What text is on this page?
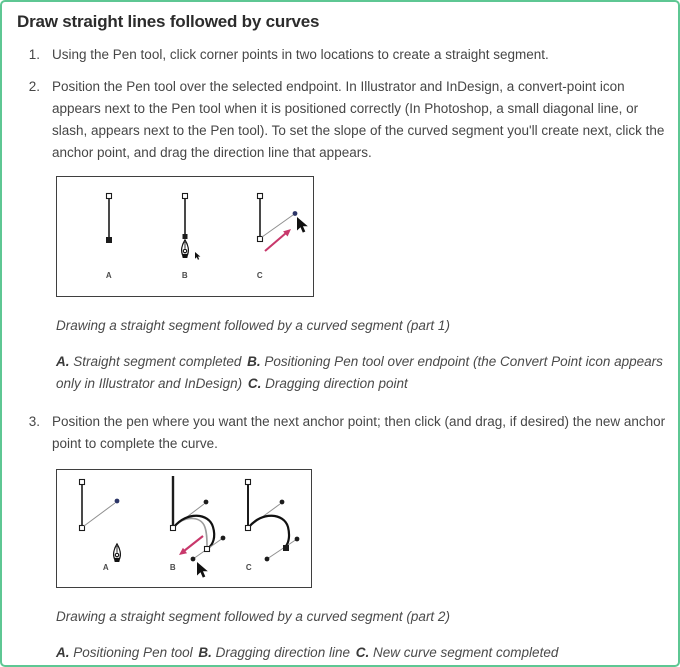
Draw straight lines followed by curves
1. Using the Pen tool, click corner points in two locations to create a straight segment.
2. Position the Pen tool over the selected endpoint. In Illustrator and InDesign, a convert-point icon appears next to the Pen tool when it is positioned correctly (In Photoshop, a small diagonal line, or slash, appears next to the Pen tool). To set the slope of the curved segment you'll create next, click the anchor point, and drag the direction line that appears.
A	B	C

Drawing a straight segment followed by a curved segment (part 1)

A. Straight segment completed B. Positioning Pen tool over endpoint (the Convert Point icon appears only in Illustrator and InDesign) C. Dragging direction point

3. Position the pen where you want the next anchor point; then click (and drag, if desired) the new anchor point to complete the curve.
A	B	C

Drawing a straight segment followed by a curved segment (part 2)

A. Positioning Pen tool B. Dragging direction line C. New curve segment completed
